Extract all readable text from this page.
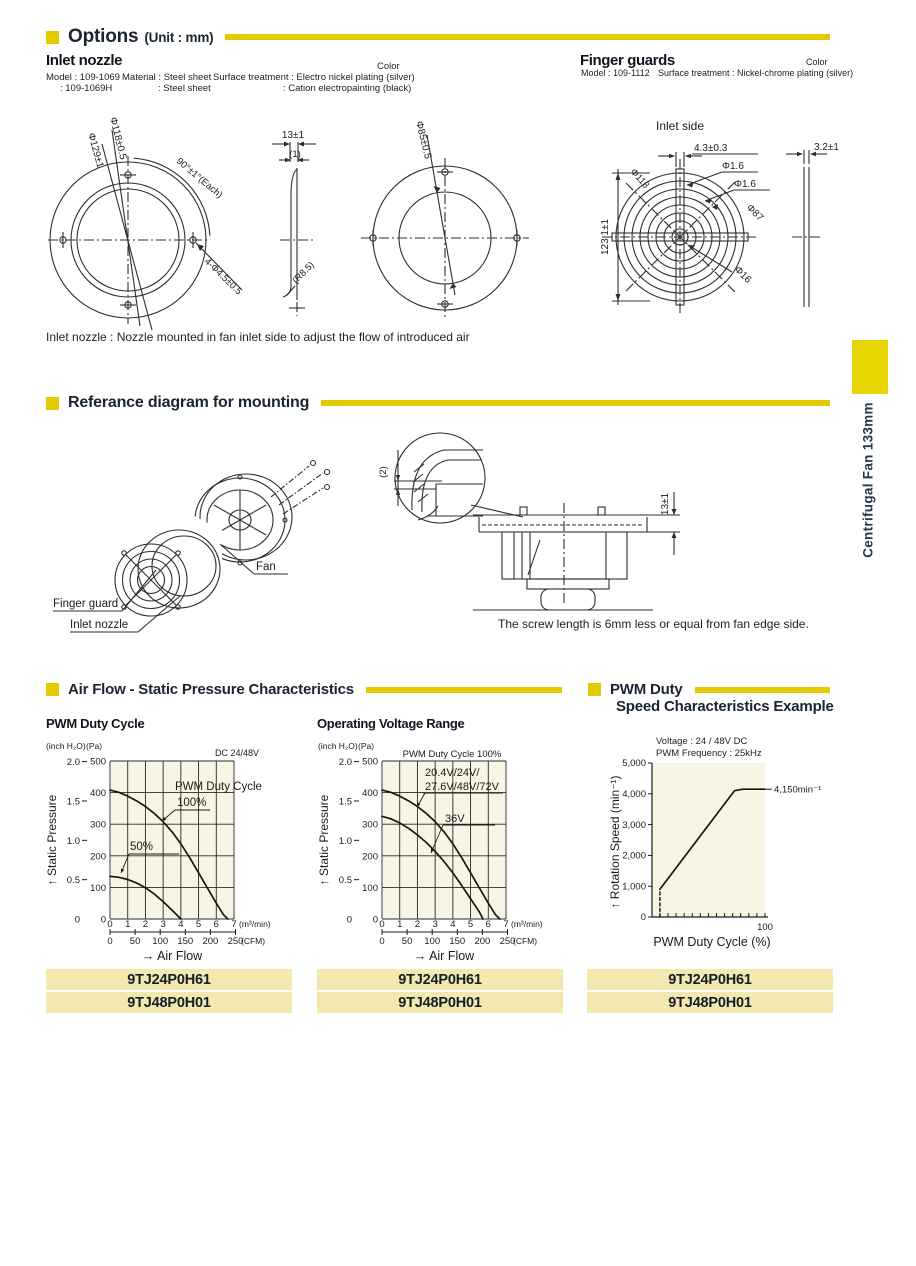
Options (Unit : mm)
Inlet nozzle	Color
Model : 109-1069 Material : Steel sheet Surface treatment : Electro nickel plating (silver)
: 109-1069H	: Steel sheet	: Cation electropainting (black)
Finger guards	Color
Model : 109-1112 Surface treatment : Nickel-chrome plating (silver)
Φ118±0.5
Φ129±1
90°±1°(Each)
4-Φ4.5±0.5
13±1
(1)
(R8.5)
Φ85±0.5	Inlet side
123.1±1
Φ118
4.3±0.3
Φ1.6
Φ1.6
Φ87
Φ16
3.2±1
Inlet nozzle : Nozzle mounted in fan inlet side to adjust the flow of introduced air
Referance diagram for mounting
Finger guard
Inlet nozzle
Fan
(2)
13±1
The screw length is 6mm less or equal from fan edge side.
Air Flow - Static Pressure Characteristics	PWM Duty
Speed Characteristics Example
PWM Duty Cycle	Operating Voltage Range
Voltage : 24 / 48V DC
PWM Frequency : 25kHz
0 1 2 3 4 5 6 7
100
200
300
400
500
0
0
0.5
1.0
1.5
2.0
(inch H₂O) (Pa)
(m³/min)
0 50 100 150 200 250
(CFM)
→ Air Flow
↑ Static Pressure
DC 24/48V
PWM Duty Cycle
100%
50%
0 1 2 3 4 5 6 7
100
200
300
400
500
0
0
0.5
1.0
1.5
2.0
(inch H₂O) (Pa)
(m³/min)
0 50 100 150 200 250
(CFM)
→ Air Flow
↑ Static Pressure
PWM Duty Cycle 100%
20.4V/24V/
27.6V/48V/72V
36V
0
1,000
2,000
3,000
4,000
5,000
100
4,150min⁻¹
PWM Duty Cycle (%)
↑ Rotation Speed (min⁻¹)
9TJ24P0H61
9TJ48P0H01
9TJ24P0H61
9TJ48P0H01
9TJ24P0H61
9TJ48P0H01
Centrifugal Fan 133mm
